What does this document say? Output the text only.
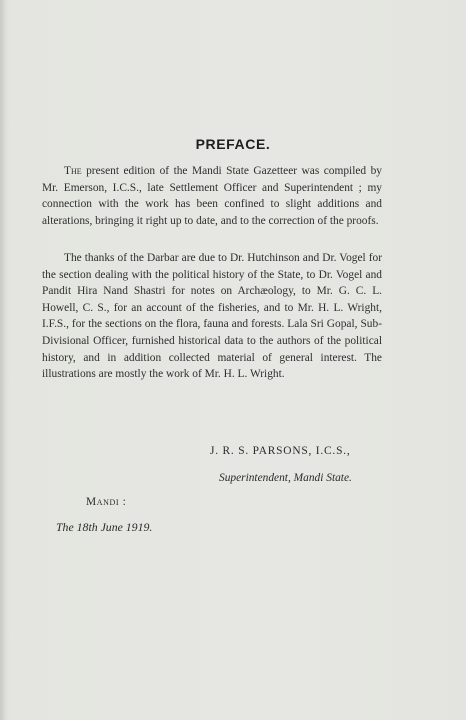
PREFACE.

The present edition of the Mandi State Gazetteer was compiled by Mr. Emerson, I.C.S., late Settlement Officer and Superintendent ; my connection with the work has been confined to slight additions and alterations, bringing it right up to date, and to the correction of the proofs.

The thanks of the Darbar are due to Dr. Hutchinson and Dr. Vogel for the section dealing with the political history of the State, to Dr. Vogel and Pandit Hira Nand Shastri for notes on Archæology, to Mr. G. C. L. Howell, C. S., for an account of the fisheries, and to Mr. H. L. Wright, I.F.S., for the sections on the flora, fauna and forests. Lala Sri Gopal, Sub-Divisional Officer, furnished historical data to the authors of the political history, and in addition collected material of general interest. The illustrations are mostly the work of Mr. H. L. Wright.

J. R. S. PARSONS, I.C.S.,
Superintendent, Mandi State.
Mandi :
The 18th June 1919.
